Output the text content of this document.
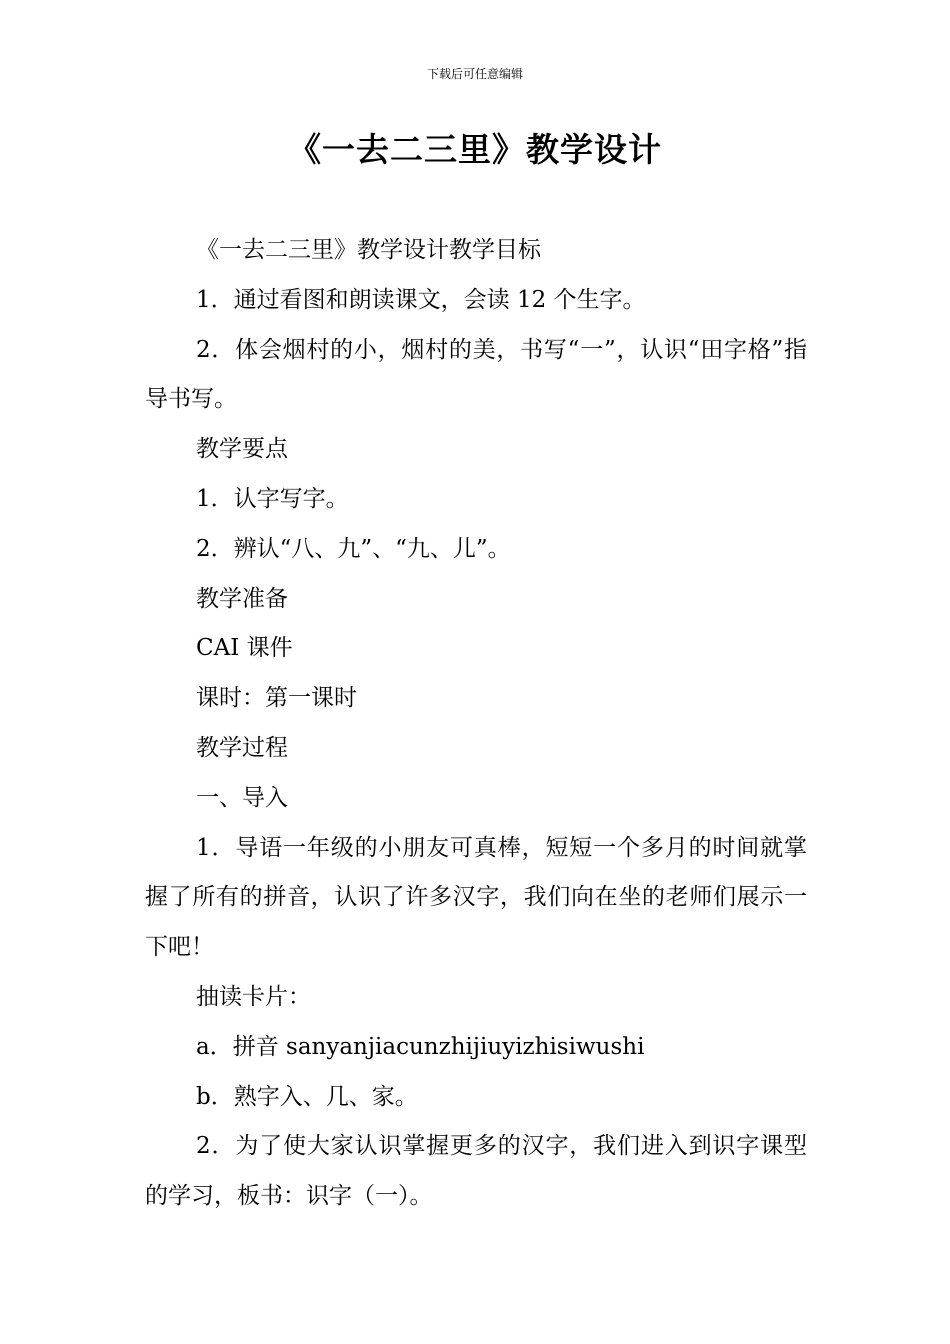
下载后可任意编辑
《一去二三里》教学设计

《一去二三里》教学设计教学目标

1．通过看图和朗读课文，会读 12 个生字。

2．体会烟村的小，烟村的美，书写“一”，认识“田字格”指导书写。

教学要点

1．认字写字。

2．辨认“八、九”、“九、儿”。

教学准备

CAI 课件

课时：第一课时

教学过程

一、导入

1．导语一年级的小朋友可真棒，短短一个多月的时间就掌握了所有的拼音，认识了许多汉字，我们向在坐的老师们展示一下吧！

抽读卡片：

a．拼音 sanyanjiacunzhijiuyizhisiwushi

b．熟字入、几、家。

2．为了使大家认识掌握更多的汉字，我们进入到识字课型的学习，板书：识字（一）。
